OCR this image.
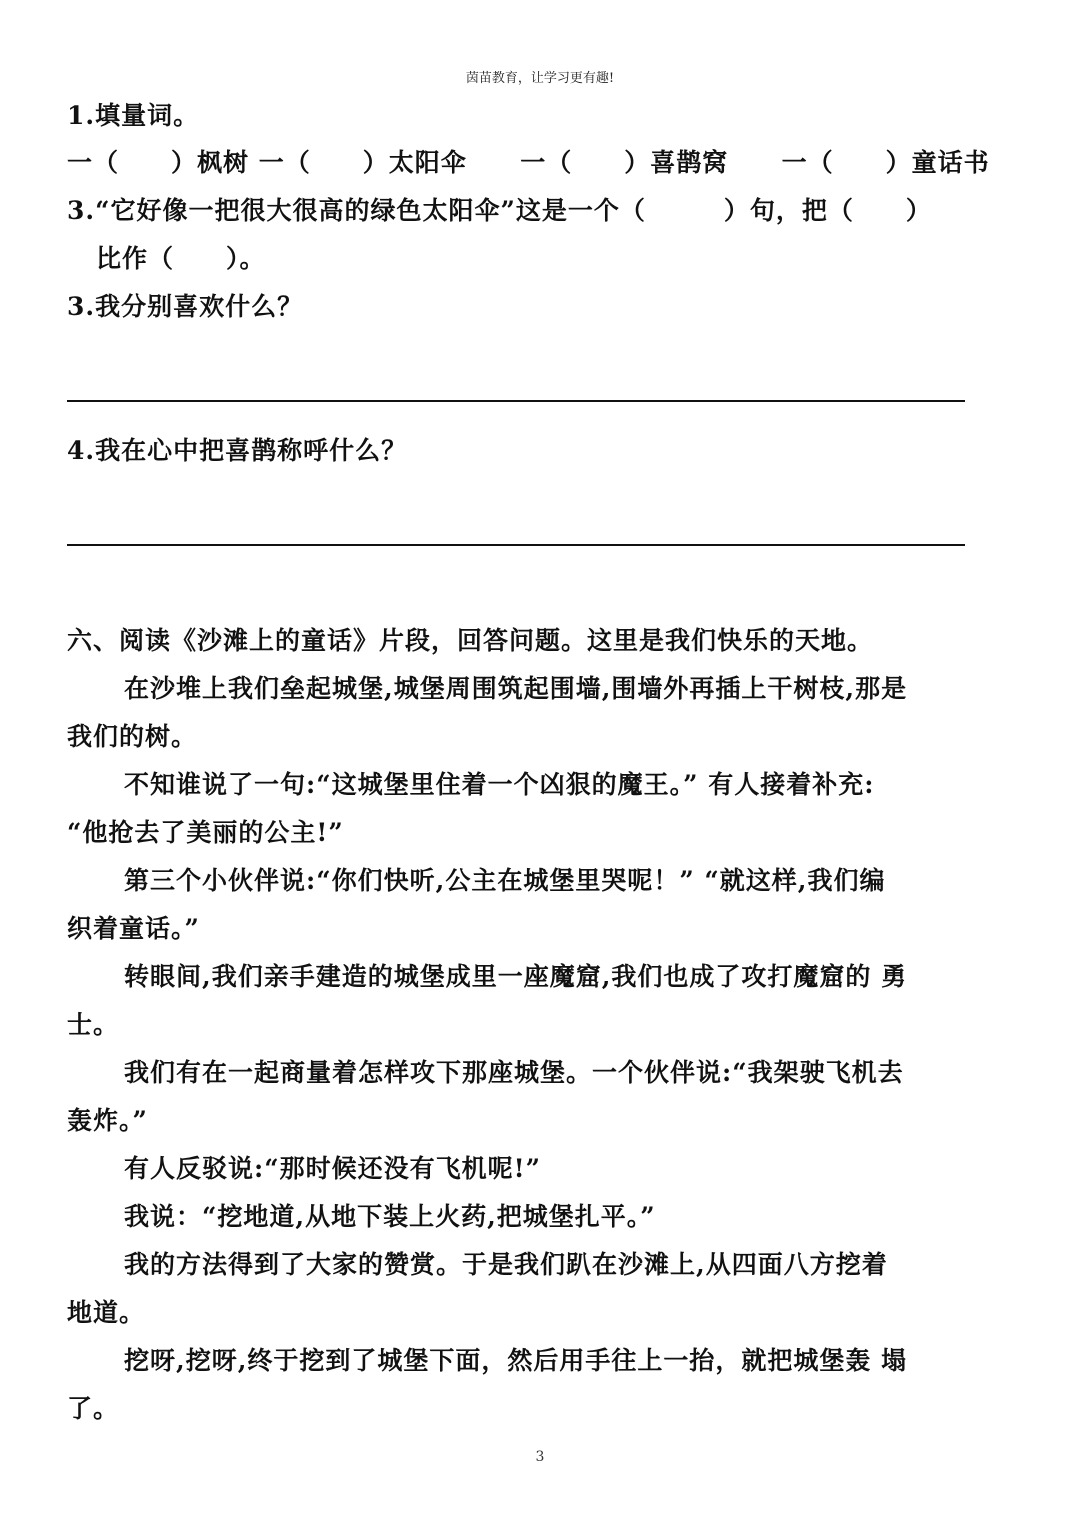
茵苗教育，让学习更有趣!
1.填量词。
一（　　）枫树 一（　　）太阳伞 一（　　）喜鹊窝 一（　　）童话书
3.“它好像一把很大很高的绿色太阳伞”这是一个（　　　）句，把（　　）
比作（　　）。
3.我分别喜欢什么？
4.我在心中把喜鹊称呼什么？
六、阅读《沙滩上的童话》片段，回答问题。这里是我们快乐的天地。
在沙堆上我们垒起城堡,城堡周围筑起围墙,围墙外再插上干树枝,那是
我们的树。
不知谁说了一句:“这城堡里住着一个凶狠的魔王。” 有人接着补充:
“他抢去了美丽的公主!”
第三个小伙伴说:“你们快听,公主在城堡里哭呢！” “就这样,我们编
织着童话。”
转眼间,我们亲手建造的城堡成里一座魔窟,我们也成了攻打魔窟的 勇
士。
我们有在一起商量着怎样攻下那座城堡。一个伙伴说:“我架驶飞机去
轰炸。”
有人反驳说:“那时候还没有飞机呢!”
我说：“挖地道,从地下装上火药,把城堡扎平。”
我的方法得到了大家的赞赏。于是我们趴在沙滩上,从四面八方挖着
地道。
挖呀,挖呀,终于挖到了城堡下面，然后用手往上一抬，就把城堡轰 塌
了。
3
